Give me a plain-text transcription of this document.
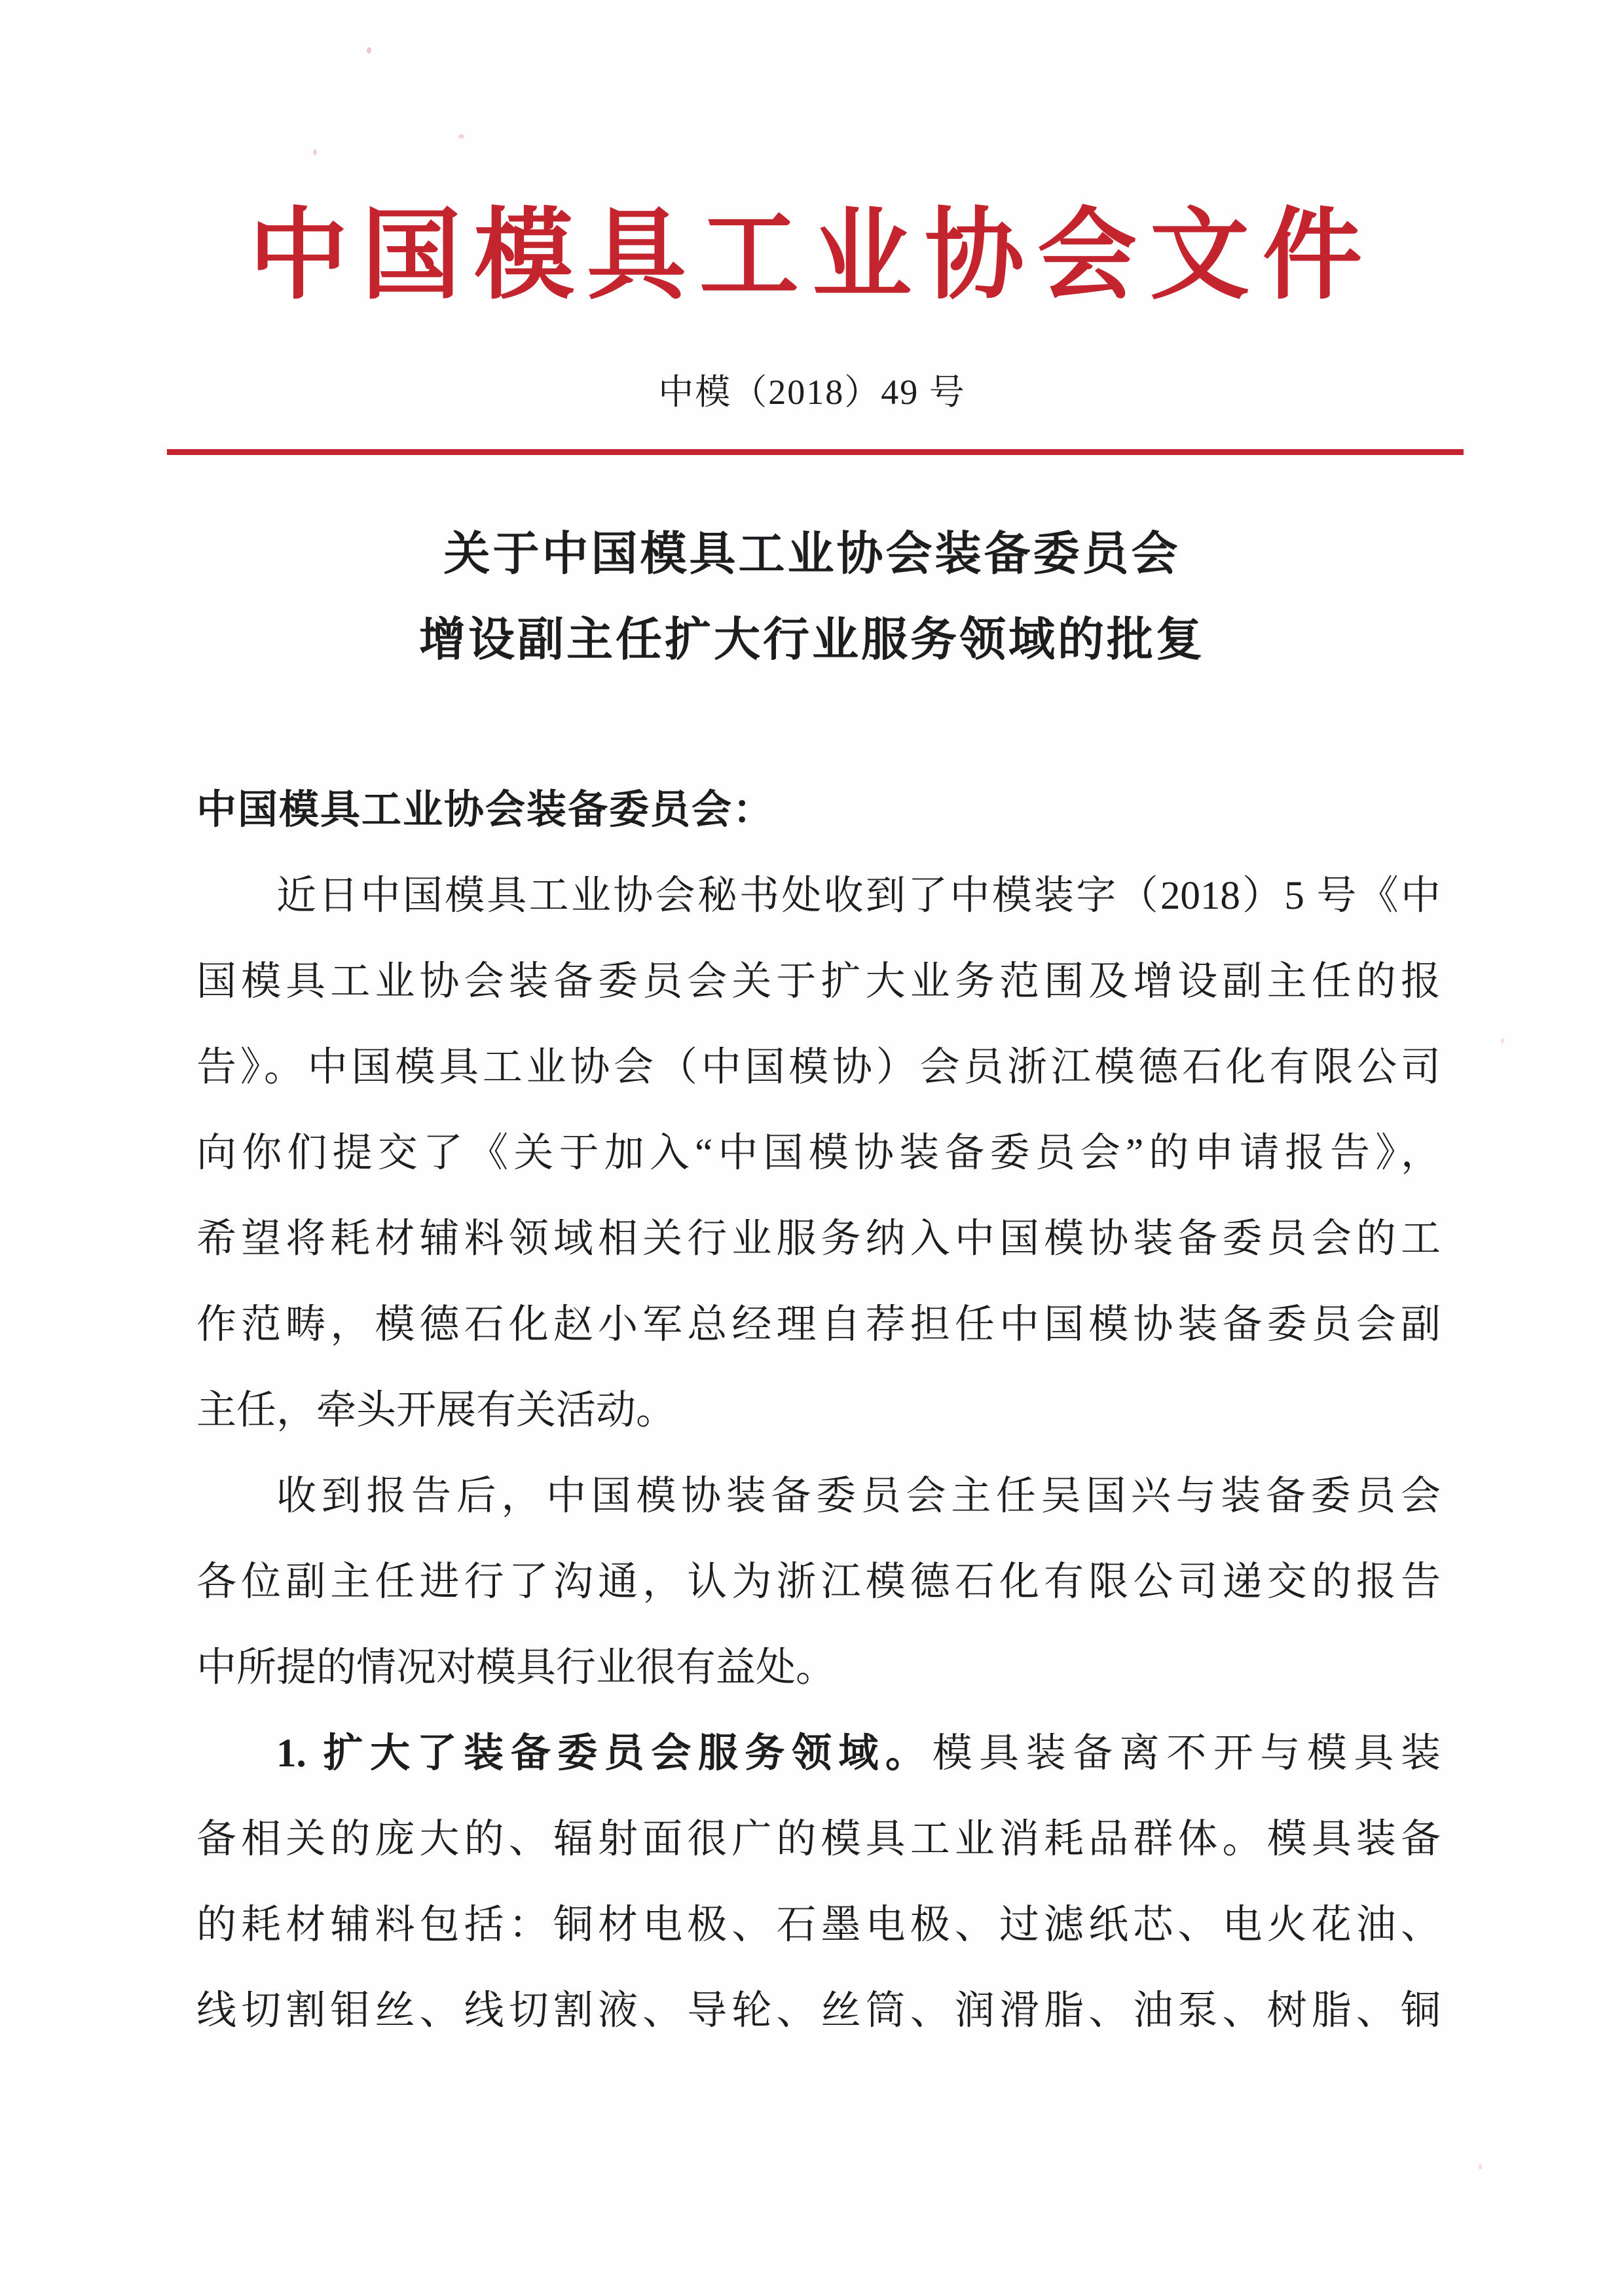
中国模具工业协会文件
中模（2018）49 号
关于中国模具工业协会装备委员会
增设副主任扩大行业服务领域的批复
中国模具工业协会装备委员会：
近日中国模具工业协会秘书处收到了中模装字（2018）5 号《中
国模具工业协会装备委员会关于扩大业务范围及增设副主任的报
告》。中国模具工业协会（中国模协）会员浙江模德石化有限公司
向你们提交了《关于加入“中国模协装备委员会”的申请报告》，
希望将耗材辅料领域相关行业服务纳入中国模协装备委员会的工
作范畴，模德石化赵小军总经理自荐担任中国模协装备委员会副
主任，牵头开展有关活动。
收到报告后，中国模协装备委员会主任吴国兴与装备委员会
各位副主任进行了沟通，认为浙江模德石化有限公司递交的报告
中所提的情况对模具行业很有益处。
1. 扩大了装备委员会服务领域。模具装备离不开与模具装
备相关的庞大的、辐射面很广的模具工业消耗品群体。模具装备
的耗材辅料包括：铜材电极、石墨电极、过滤纸芯、电火花油、
线切割钼丝、线切割液、导轮、丝筒、润滑脂、油泵、树脂、铜
